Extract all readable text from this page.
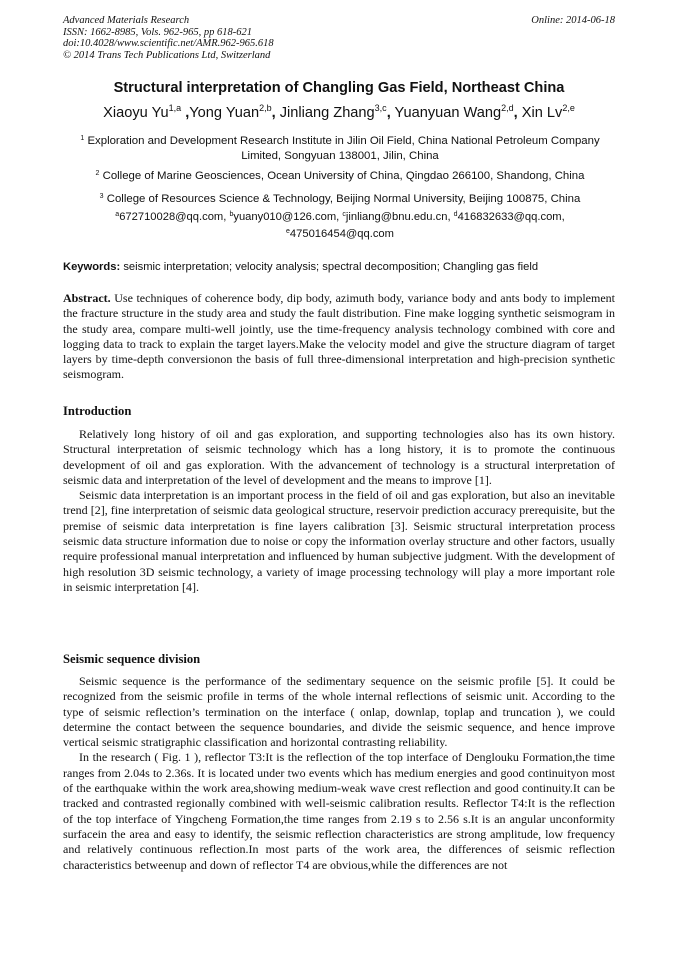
Advanced Materials Research
ISSN: 1662-8985, Vols. 962-965, pp 618-621
doi:10.4028/www.scientific.net/AMR.962-965.618
© 2014 Trans Tech Publications Ltd, Switzerland
Online: 2014-06-18
Structural interpretation of Changling Gas Field, Northeast China
Xiaoyu Yu$^{1,a}$ ,Yong Yuan$^{2,b}$, Jinliang Zhang$^{3,c}$, Yuanyuan Wang$^{2,d}$, Xin Lv$^{2,e}$
$^1$ Exploration and Development Research Institute in Jilin Oil Field, China National Petroleum Company Limited, Songyuan 138001, Jilin, China
$^2$ College of Marine Geosciences, Ocean University of China, Qingdao 266100, Shandong, China
$^3$ College of Resources Science & Technology, Beijing Normal University, Beijing 100875, China
$^a$672710028@qq.com, $^b$yuany010@126.com, $^c$jinliang@bnu.edu.cn, $^d$416832633@qq.com,
$^e$475016454@qq.com
Keywords: seismic interpretation; velocity analysis; spectral decomposition; Changling gas field

Abstract. Use techniques of coherence body, dip body, azimuth body, variance body and ants body to implement the fracture structure in the study area and study the fault distribution. Fine make logging synthetic seismogram in the study area, compare multi-well jointly, use the time-frequency analysis technology combined with core and logging data to track to explain the target layers.Make the velocity model and give the structure diagram of target layers by time-depth conversionon the basis of full three-dimensional interpretation and high-precision synthetic seismogram.

Introduction

Relatively long history of oil and gas exploration, and supporting technologies also has its own history. Structural interpretation of seismic technology which has a long history, it is to promote the continuous development of oil and gas exploration. With the advancement of technology is a structural interpretation of seismic data and interpretation of the level of development and the means to improve [1].

Seismic data interpretation is an important process in the field of oil and gas exploration, but also an inevitable trend [2], fine interpretation of seismic data geological structure, reservoir prediction accuracy prerequisite, but the premise of seismic data interpretation is fine layers calibration [3]. Seismic structural interpretation process seismic data structure information due to noise or copy the information overlay structure and other factors, usually require professional manual interpretation and influenced by human subjective judgment. With the development of high resolution 3D seismic technology, a variety of image processing technology will play a more important role in seismic interpretation [4].

Seismic sequence division

Seismic sequence is the performance of the sedimentary sequence on the seismic profile [5]. It could be recognized from the seismic profile in terms of the whole internal reflections of seismic unit. According to the type of seismic reflection’s termination on the interface ( onlap, downlap, toplap and truncation ), we could determine the contact between the sequence boundaries, and divide the seismic sequence, and hence improve vertical seismic stratigraphic classification and horizontal contrasting reliability.

In the research ( Fig. 1 ), reflector T3:It is the reflection of the top interface of Denglouku Formation,the time ranges from 2.04s to 2.36s. It is located under two events which has medium energies and good continuityon most of the earthquake within the work area,showing medium-weak wave crest reflection and good continuity.It can be tracked and contrasted regionally combined with well-seismic calibration results. Reflector T4:It is the reflection of the top interface of Yingcheng Formation,the time ranges from 2.19 s to 2.56 s.It is an angular unconformity surfacein the area and easy to identify, the seismic reflection characteristics are strong amplitude, low frequency and relatively continuous reflection.In most parts of the work area, the differences of seismic reflection characteristics betweenup and down of reflector T4 are obvious,while the differences are not
